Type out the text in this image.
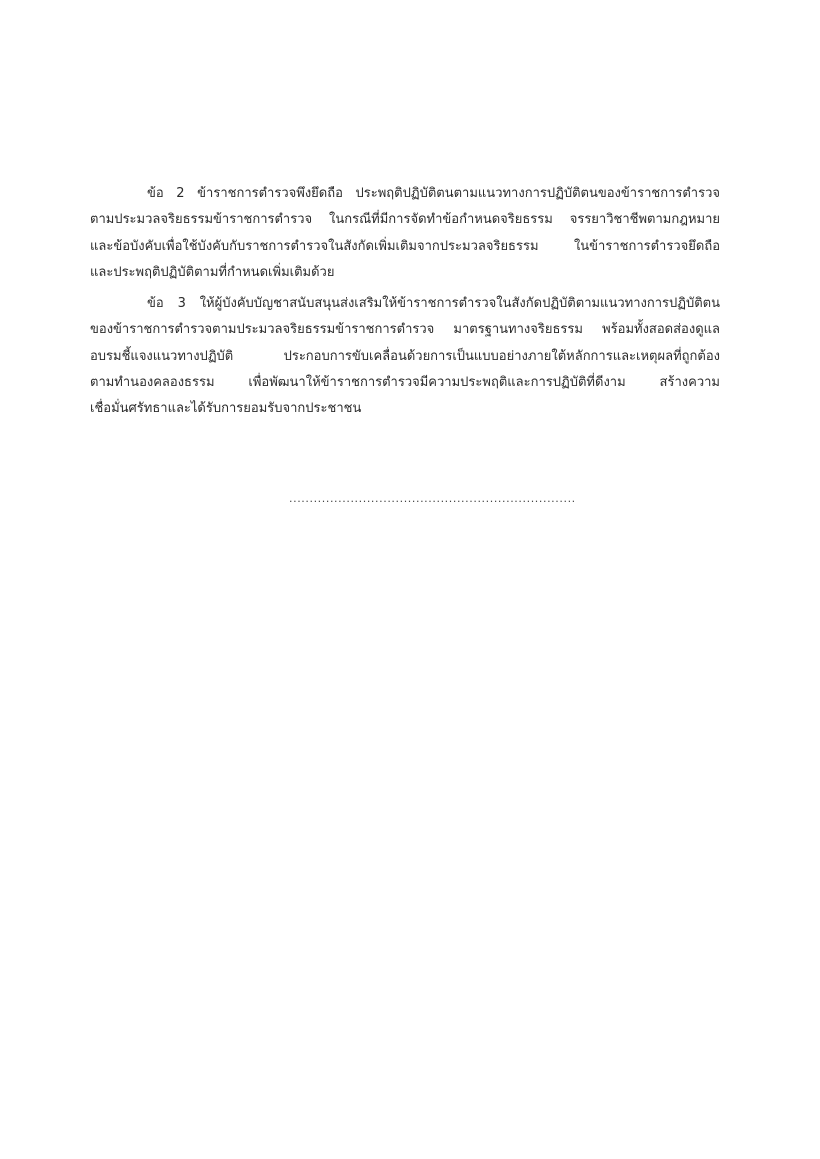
ข้อ 2 ข้าราชการตำรวจพึงยึดถือ ประพฤติปฏิบัติตนตามแนวทางการปฏิบัติตนของข้าราชการตำรวจ
ตามประมวลจริยธรรมข้าราชการตำรวจ ในกรณีที่มีการจัดทำข้อกำหนดจริยธรรม จรรยาวิชาชีพตามกฎหมาย
และข้อบังคับเพื่อใช้บังคับกับราชการตำรวจในสังกัดเพิ่มเติมจากประมวลจริยธรรม ในข้าราชการตำรวจยึดถือ
และประพฤติปฏิบัติตามที่กำหนดเพิ่มเติมด้วย

ข้อ 3 ให้ผู้บังคับบัญชาสนับสนุนส่งเสริมให้ข้าราชการตำรวจในสังกัดปฏิบัติตามแนวทางการปฏิบัติตน
ของข้าราชการตำรวจตามประมวลจริยธรรมข้าราชการตำรวจ มาตรฐานทางจริยธรรม พร้อมทั้งสอดส่องดูแล
อบรมชี้แจงแนวทางปฏิบัติ ประกอบการขับเคลื่อนด้วยการเป็นแบบอย่างภายใต้หลักการและเหตุผลที่ถูกต้อง
ตามทำนองคลองธรรม เพื่อพัฒนาให้ข้าราชการตำรวจมีความประพฤติและการปฏิบัติที่ดีงาม สร้างความ
เชื่อมั่นศรัทธาและได้รับการยอมรับจากประชาชน

......................................................................
